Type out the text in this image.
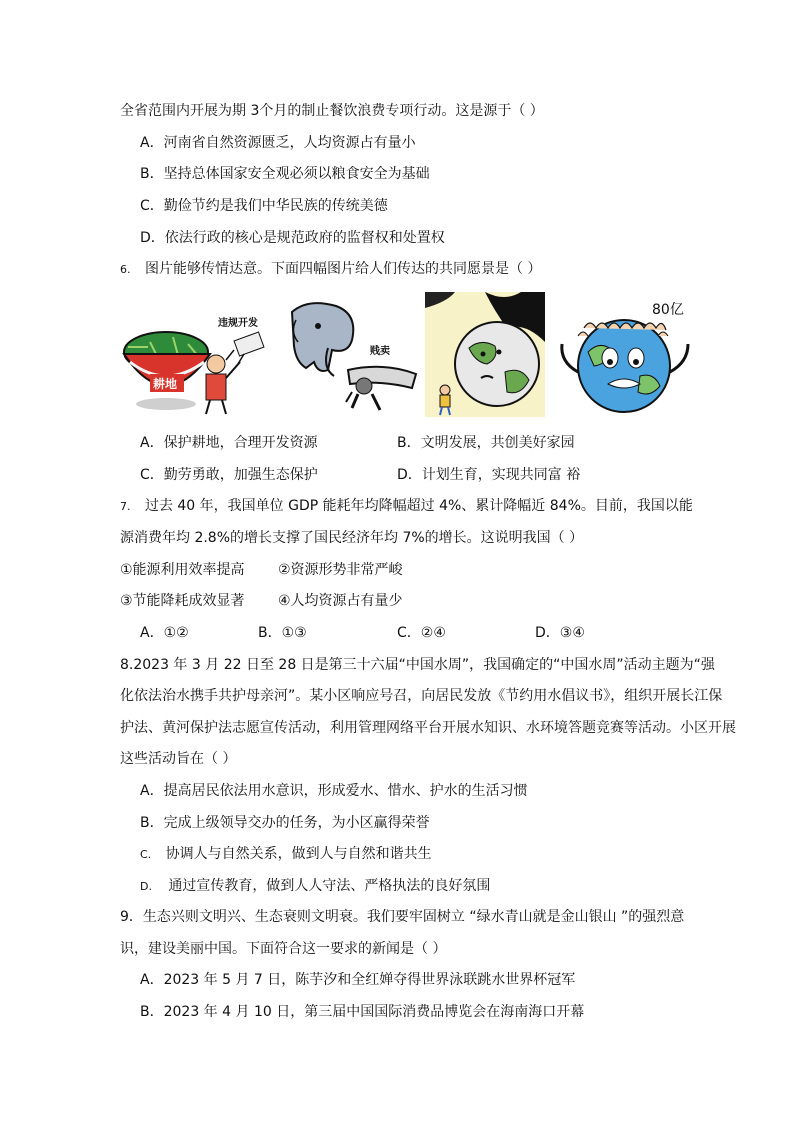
全省范围内开展为期 3个月的制止餐饮浪费专项行动。这是源于（ ）
A．河南省自然资源匮乏，人均资源占有量小
B．坚持总体国家安全观必须以粮食安全为基础
C．勤俭节约是我们中华民族的传统美德
D．依法行政的核心是规范政府的监督权和处置权
6. 图片能够传情达意。下面四幅图片给人们传达的共同愿景是（ ）
耕地
违规开发
贱卖
80亿
A．保护耕地，合理开发资源	B．文明发展，共创美好家园
C．勤劳勇敢，加强生态保护	D．计划生育，实现共同富 裕
7. 过去 40 年，我国单位 GDP 能耗年均降幅超过 4%、累计降幅近 84%。目前，我国以能
源消费年均 2.8%的增长支撑了国民经济年均 7%的增长。这说明我国（ ）
①能源利用效率提高 ②资源形势非常严峻
③节能降耗成效显著 ④人均资源占有量少
A．①②	B．①③	C．②④	D．③④
8.2023 年 3 月 22 日至 28 日是第三十六届“中国水周”，我国确定的“中国水周”活动主题为“强
化依法治水携手共护母亲河”。某小区响应号召，向居民发放《节约用水倡议书》，组织开展长江保
护法、黄河保护法志愿宣传活动，利用管理网络平台开展水知识、水环境答题竞赛等活动。小区开展
这些活动旨在（ ）
A．提高居民依法用水意识，形成爱水、惜水、护水的生活习惯
B．完成上级领导交办的任务，为小区赢得荣誉
C. 协调人与自然关系，做到人与自然和谐共生
D. 通过宣传教育，做到人人守法、严格执法的良好氛围
9．生态兴则文明兴、生态衰则文明衰。我们要牢固树立 “绿水青山就是金山银山 ”的强烈意
识，建设美丽中国。下面符合这一要求的新闻是（ ）
A．2023 年 5 月 7 日，陈芋汐和全红婵夺得世界泳联跳水世界杯冠军
B．2023 年 4 月 10 日，第三届中国国际消费品博览会在海南海口开幕
